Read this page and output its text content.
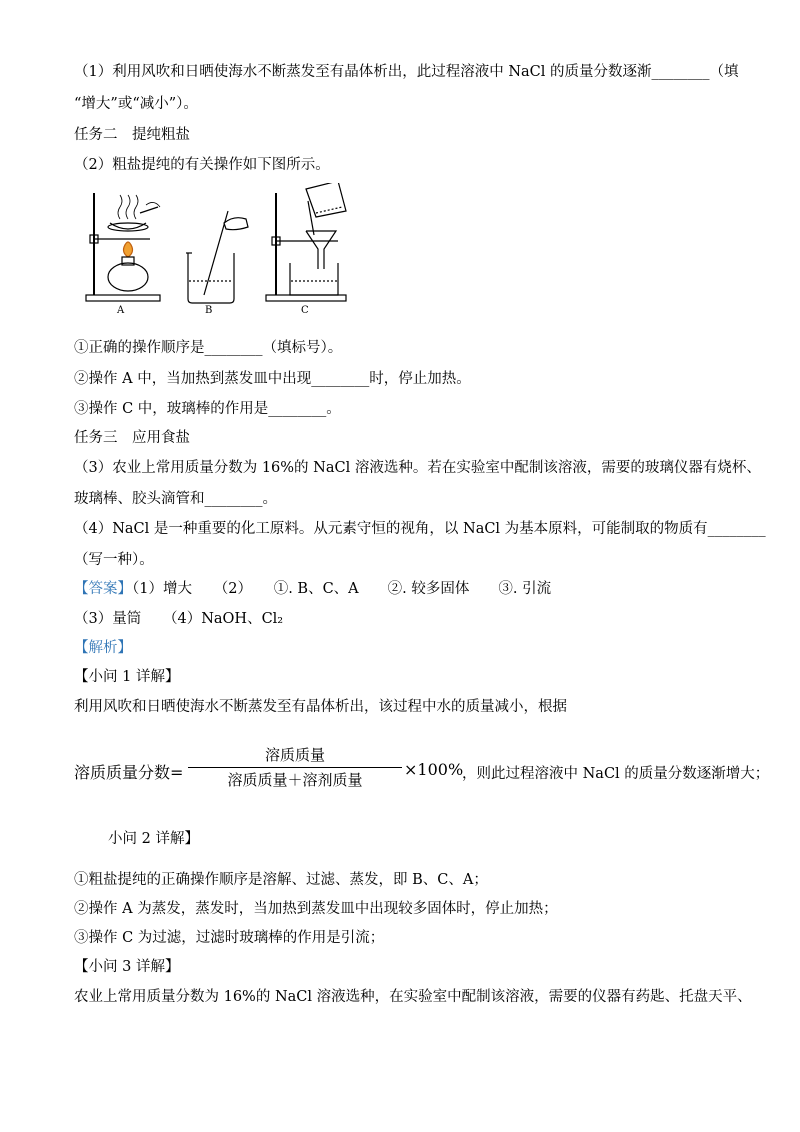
（1）利用风吹和日晒使海水不断蒸发至有晶体析出，此过程溶液中 NaCl 的质量分数逐渐________（填
“增大”或“减小”）。
任务二　提纯粗盐
（2）粗盐提纯的有关操作如下图所示。
A	B	C
①正确的操作顺序是________（填标号）。
②操作 A 中，当加热到蒸发皿中出现________时，停止加热。
③操作 C 中，玻璃棒的作用是________。
任务三　应用食盐
（3）农业上常用质量分数为 16%的 NaCl 溶液选种。若在实验室中配制该溶液，需要的玻璃仪器有烧杯、
玻璃棒、胶头滴管和________。
（4）NaCl 是一种重要的化工原料。从元素守恒的视角，以 NaCl 为基本原料，可能制取的物质有________
（写一种）。
【答案】（1）增大　　（2）　　①. B、C、A　　②. 较多固体　　③. 引流
（3）量筒　　（4）NaOH、Cl₂
【解析】
【小问 1 详解】
利用风吹和日晒使海水不断蒸发至有晶体析出，该过程中水的质量减小，根据
溶质质量分数=
溶质质量
溶质质量＋溶剂质量
×100%
，则此过程溶液中 NaCl 的质量分数逐渐增大；
小问 2 详解】
①粗盐提纯的正确操作顺序是溶解、过滤、蒸发，即 B、C、A；
②操作 A 为蒸发，蒸发时，当加热到蒸发皿中出现较多固体时，停止加热；
③操作 C 为过滤，过滤时玻璃棒的作用是引流；
【小问 3 详解】
农业上常用质量分数为 16%的 NaCl 溶液选种，在实验室中配制该溶液，需要的仪器有药匙、托盘天平、
